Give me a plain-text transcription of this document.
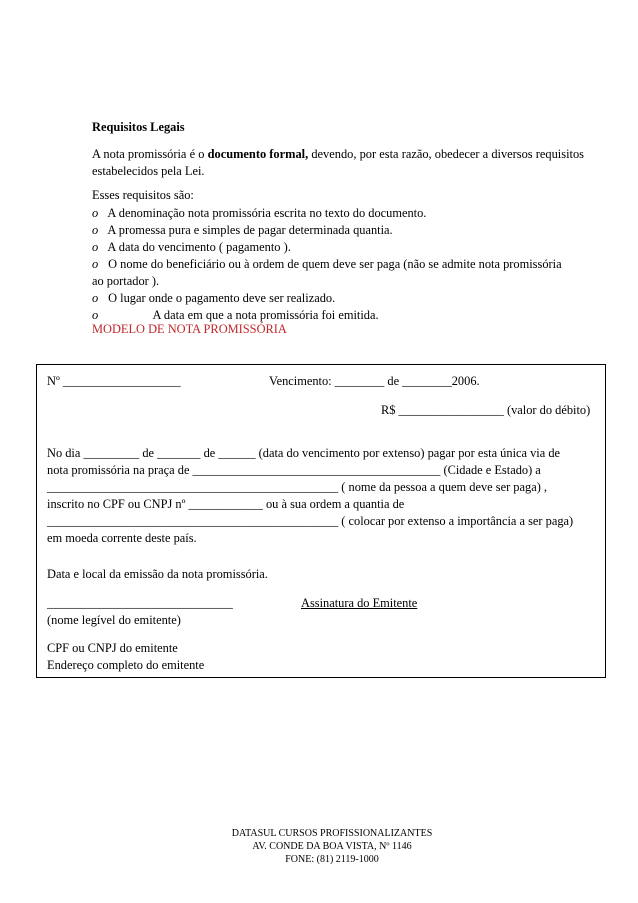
Requisitos Legais
A nota promissória é o documento formal, devendo, por esta razão, obedecer a diversos requisitos estabelecidos pela Lei.
Esses requisitos são:
o A denominação nota promissória escrita no texto do documento.
o A promessa pura e simples de pagar determinada quantia.
o A data do vencimento ( pagamento ).
o O nome do beneficiário ou à ordem de quem deve ser paga (não se admite nota promissória
ao portador ).
o O lugar onde o pagamento deve ser realizado.
o	A data em que a nota promissória foi emitida.
MODELO DE NOTA PROMISSÓRIA
Nº ___________________	Vencimento: ________ de ________2006.
R$ _________________ (valor do débito)
No dia _________ de _______ de ______ (data do vencimento por extenso) pagar por esta única via de
nota promissória na praça de ________________________________________ (Cidade e Estado) a
_______________________________________________ ( nome da pessoa a quem deve ser paga) ,
inscrito no CPF ou CNPJ nº ____________ ou à sua ordem a quantia de
_______________________________________________ ( colocar por extenso a importância a ser paga)
em moeda corrente deste país.
Data e local da emissão da nota promissória.
______________________________	Assinatura do Emitente
(nome legível do emitente)
CPF ou CNPJ do emitente
Endereço completo do emitente
DATASUL CURSOS PROFISSIONALIZANTES
AV. CONDE DA BOA VISTA, Nº 1146
FONE: (81) 2119-1000
